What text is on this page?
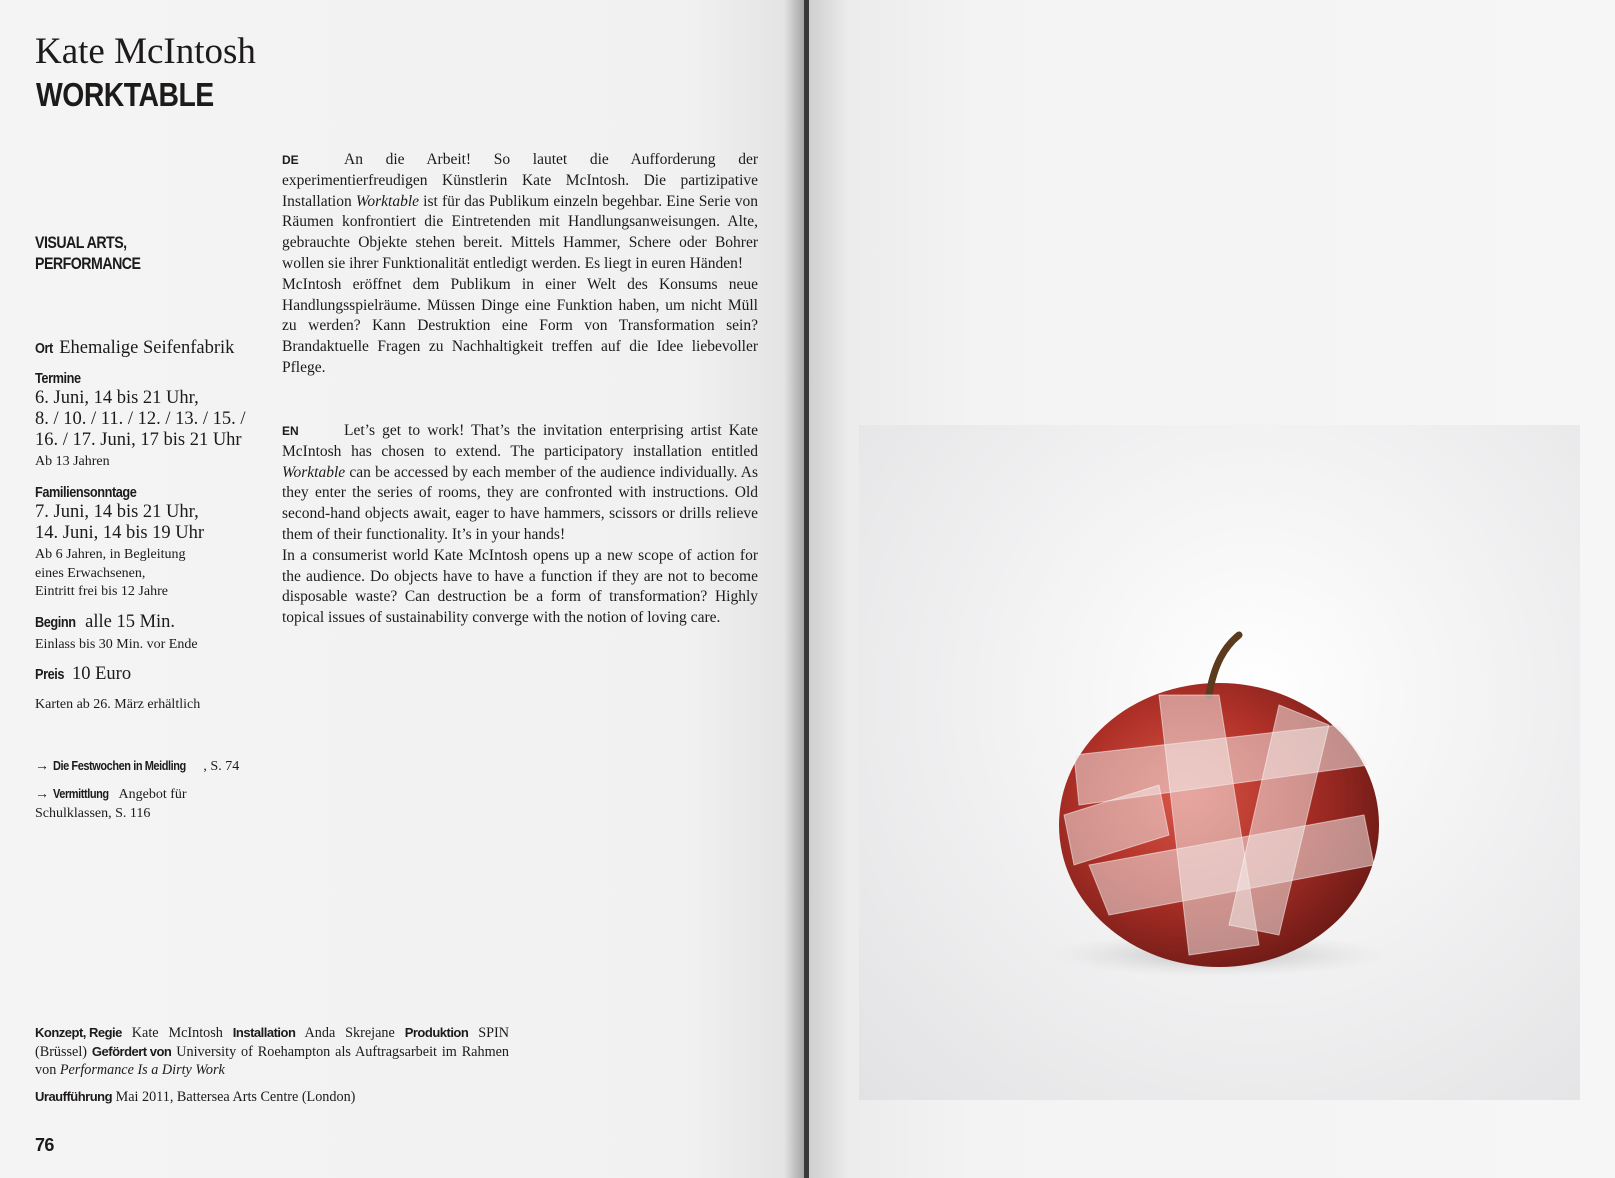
Kate McIntosh
WORKTABLE
VISUAL ARTS,
PERFORMANCE
Ort Ehemalige Seifenfabrik
Termine
6. Juni, 14 bis 21 Uhr,
8. / 10. / 11. / 12. / 13. / 15. /
16. / 17. Juni, 17 bis 21 Uhr
Ab 13 Jahren
Familiensonntage
7. Juni, 14 bis 21 Uhr,
14. Juni, 14 bis 19 Uhr
Ab 6 Jahren, in Begleitung
eines Erwachsenen,
Eintritt frei bis 12 Jahre
Beginn alle 15 Min.
Einlass bis 30 Min. vor Ende
Preis 10 Euro
Karten ab 26. März erhältlich
→ Die Festwochen in Meidling , S. 74
→ Vermittlung Angebot für Schulklassen, S. 116

DE	An die Arbeit! So lautet die Aufforderung der experimentierfreudigen Künstlerin Kate McIntosh. Die partizipative Installation Worktable ist für das Publikum einzeln begehbar. Eine Serie von Räumen konfrontiert die Eintretenden mit Handlungsanweisungen. Alte, gebrauchte Objekte stehen bereit. Mittels Hammer, Schere oder Bohrer wollen sie ihrer Funktionalität entledigt werden. Es liegt in euren Händen!

McIntosh eröffnet dem Publikum in einer Welt des Konsums neue Handlungsspielräume. Müssen Dinge eine Funktion haben, um nicht Müll zu werden? Kann Destruktion eine Form von Transformation sein? Brandaktuelle Fragen zu Nachhaltigkeit treffen auf die Idee liebevoller Pflege.

EN	Let’s get to work! That’s the invitation enterprising artist Kate McIntosh has chosen to extend. The participatory installation entitled Worktable can be accessed by each member of the audience individually. As they enter the series of rooms, they are confronted with instructions. Old second-hand objects await, eager to have hammers, scissors or drills relieve them of their functionality. It’s in your hands!

In a consumerist world Kate McIntosh opens up a new scope of action for the audience. Do objects have to have a function if they are not to become disposable waste? Can destruction be a form of transformation? Highly topical issues of sustainability converge with the notion of loving care.

Konzept, Regie Kate McIntosh Installation Anda Skrejane Produktion SPIN (Brüssel) Gefördert von University of Roehampton als Auftragsarbeit im Rahmen von Performance Is a Dirty Work
Uraufführung Mai 2011, Battersea Arts Centre (London)
76
